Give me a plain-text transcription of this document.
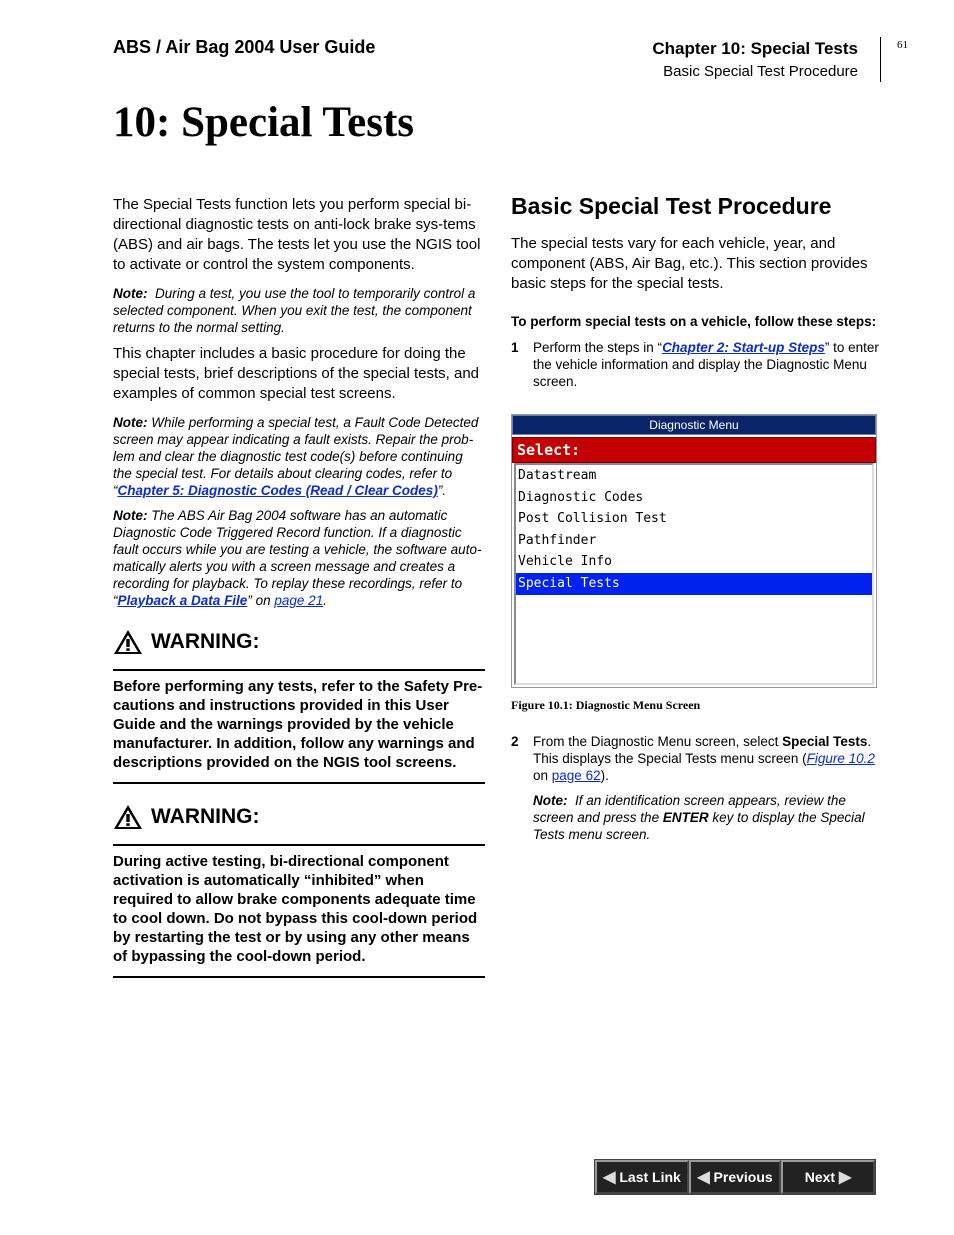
ABS / Air Bag 2004 User Guide	Chapter 10: Special Tests
Basic Special Test Procedure
61
10: Special Tests

The Special Tests function lets you perform special bi-directional diagnostic tests on anti-lock brake sys-tems (ABS) and air bags. The tests let you use the NGIS tool to activate or control the system components.

Note: During a test, you use the tool to temporarily control a selected component. When you exit the test, the component returns to the normal setting.

This chapter includes a basic procedure for doing the special tests, brief descriptions of the special tests, and examples of common special test screens.

Note: While performing a special test, a Fault Code Detected screen may appear indicating a fault exists. Repair the prob-lem and clear the diagnostic test code(s) before continuing the special test. For details about clearing codes, refer to “Chapter 5: Diagnostic Codes (Read / Clear Codes)”.

Note: The ABS Air Bag 2004 software has an automatic Diagnostic Code Triggered Record function. If a diagnostic fault occurs while you are testing a vehicle, the software auto-matically alerts you with a screen message and creates a recording for playback. To replay these recordings, refer to “Playback a Data File” on page 21.

WARNING:
Before performing any tests, refer to the Safety Pre-cautions and instructions provided in this User Guide and the warnings provided by the vehicle manufacturer. In addition, follow any warnings and descriptions provided on the NGIS tool screens.
WARNING:
During active testing, bi-directional component activation is automatically “inhibited” when required to allow brake components adequate time to cool down. Do not bypass this cool-down period by restarting the test or by using any other means of bypassing the cool-down period.
Basic Special Test Procedure

The special tests vary for each vehicle, year, and component (ABS, Air Bag, etc.). This section provides basic steps for the special tests.

To perform special tests on a vehicle, follow these steps:
1	Perform the steps in “Chapter 2: Start-up Steps” to enter the vehicle information and display the Diagnostic Menu screen.
Diagnostic Menu
Select:
Datastream
Diagnostic Codes
Post Collision Test
Pathfinder
Vehicle Info
Special Tests
Figure 10.1: Diagnostic Menu Screen
2	From the Diagnostic Menu screen, select Special Tests. This displays the Special Tests menu screen (Figure 10.2 on page 62).
Note: If an identification screen appears, review the screen and press the ENTER key to display the Special Tests menu screen.
◀
Last Link ◀
Previous Next
▶
